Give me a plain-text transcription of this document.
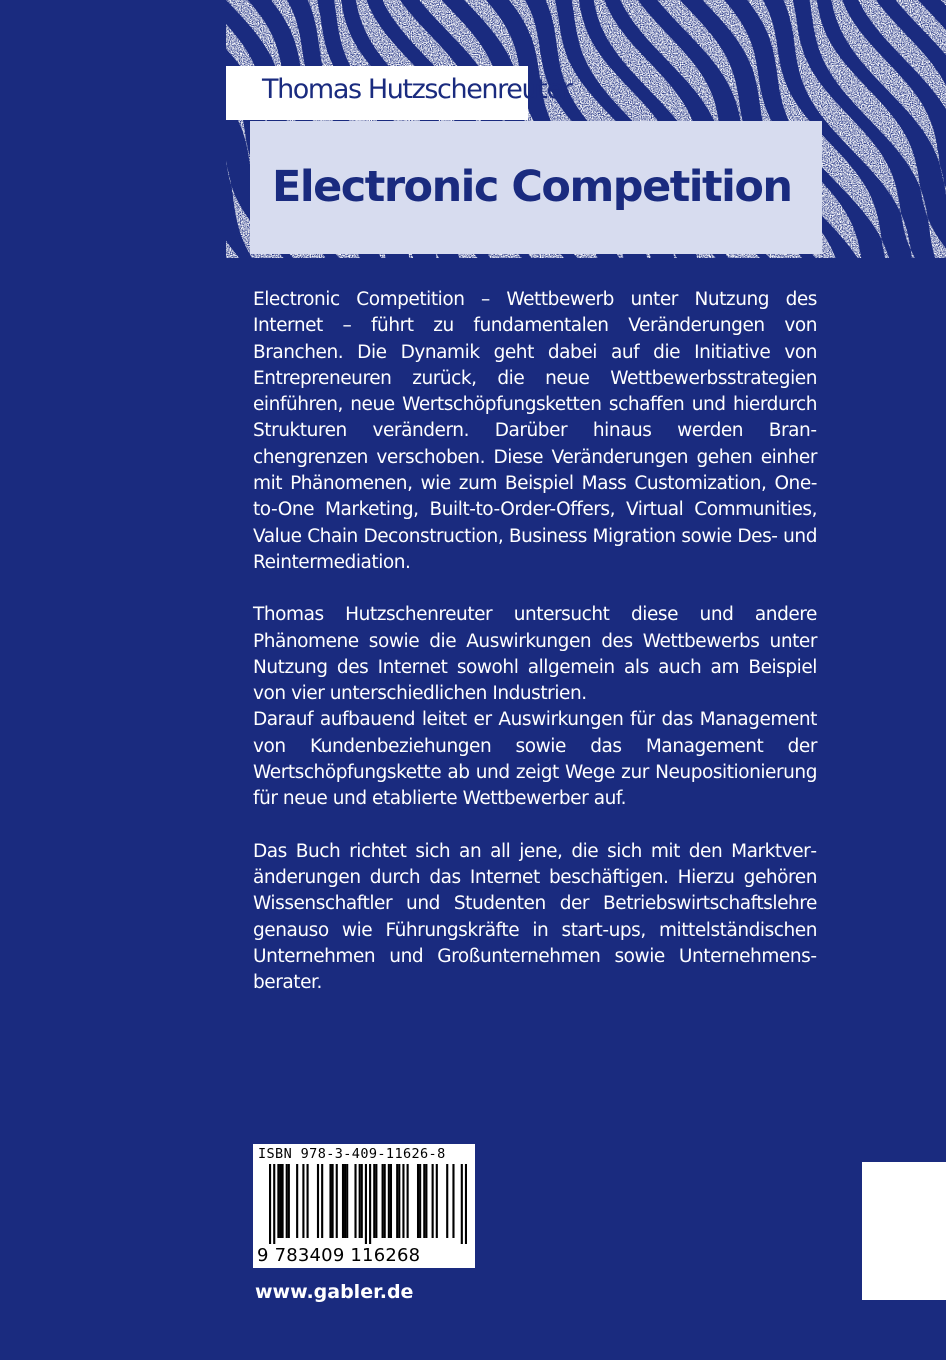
Thomas Hutzschenreuter
Electronic Competition

Electronic Competition – Wettbewerb unter Nutzung des Internet – führt zu fundamentalen Veränderungen von Branchen. Die Dynamik geht dabei auf die Initiative von Entrepreneuren zurück, die neue Wettbewerbsstrategien einführen, neue Wertschöpfungsketten schaffen und hierdurch Strukturen verändern. Darüber hinaus werden Branchengrenzen verschoben. Diese Veränderungen gehen einher mit Phänomenen, wie zum Beispiel Mass Customization, One-to-One Marketing, Built-to-Order-Offers, Virtual Communities, Value Chain Deconstruction, Business Migration sowie Des- und Reintermediation.

Thomas Hutzschenreuter untersucht diese und andere Phänomene sowie die Auswirkungen des Wettbewerbs unter Nutzung des Internet sowohl allgemein als auch am Beispiel von vier unterschiedlichen Industrien.

Darauf aufbauend leitet er Auswirkungen für das Management von Kundenbeziehungen sowie das Management der Wertschöpfungskette ab und zeigt Wege zur Neupositionierung für neue und etablierte Wettbewerber auf.

Das Buch richtet sich an all jene, die sich mit den Marktveränderungen durch das Internet beschäftigen. Hierzu gehören Wissenschaftler und Studenten der Betriebswirtschaftslehre genauso wie Führungskräfte in start-ups, mittelständischen Unternehmen und Großunternehmen sowie Unternehmensberater.

ISBN 978-3-409-11626-8
9 783409 116268
www.gabler.de
